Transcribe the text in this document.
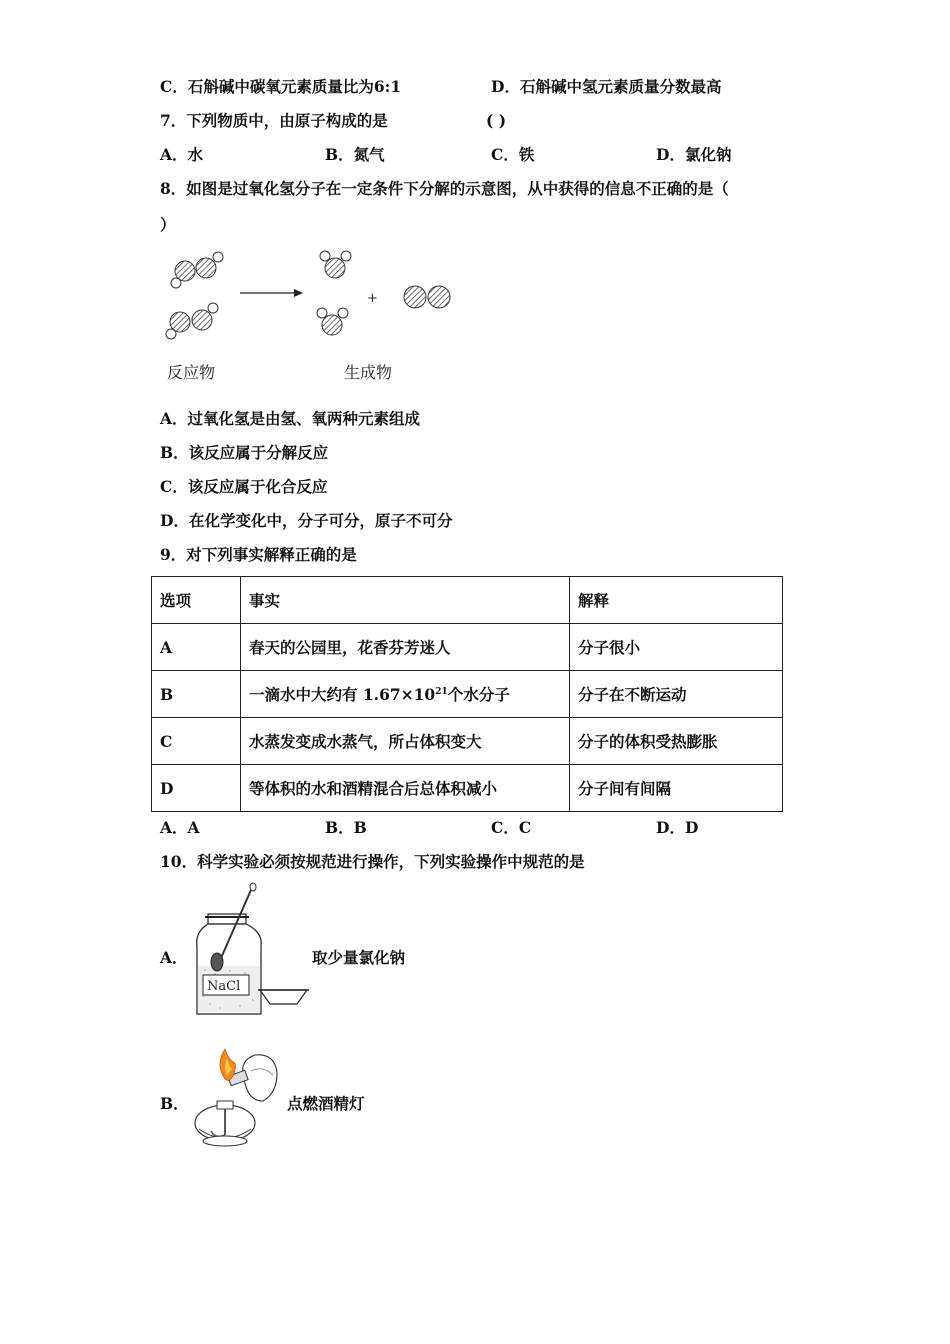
C．石斛碱中碳氧元素质量比为6:1	D．石斛碱中氢元素质量分数最高
7．下列物质中，由原子构成的是	( )
A．水	B．氮气	C．铁	D．氯化钠
8．如图是过氧化氢分子在一定条件下分解的示意图，从中获得的信息不正确的是（
）
+
反应物	生成物
A．过氧化氢是由氢、氧两种元素组成
B．该反应属于分解反应
C．该反应属于化合反应
D．在化学变化中，分子可分，原子不可分
9．对下列事实解释正确的是
选项	事实	解释
A	春天的公园里，花香芬芳迷人	分子很小
B	一滴水中大约有 $1.67\times 10^{21}$个水分子	分子在不断运动
C	水蒸发变成水蒸气，所占体积变大	分子的体积受热膨胀
D	等体积的水和酒精混合后总体积减小	分子间有间隔
A．A	B．B	C．C	D．D
10．科学实验必须按规范进行操作，下列实验操作中规范的是
A．
NaCl
取少量氯化钠
B．	点燃酒精灯
